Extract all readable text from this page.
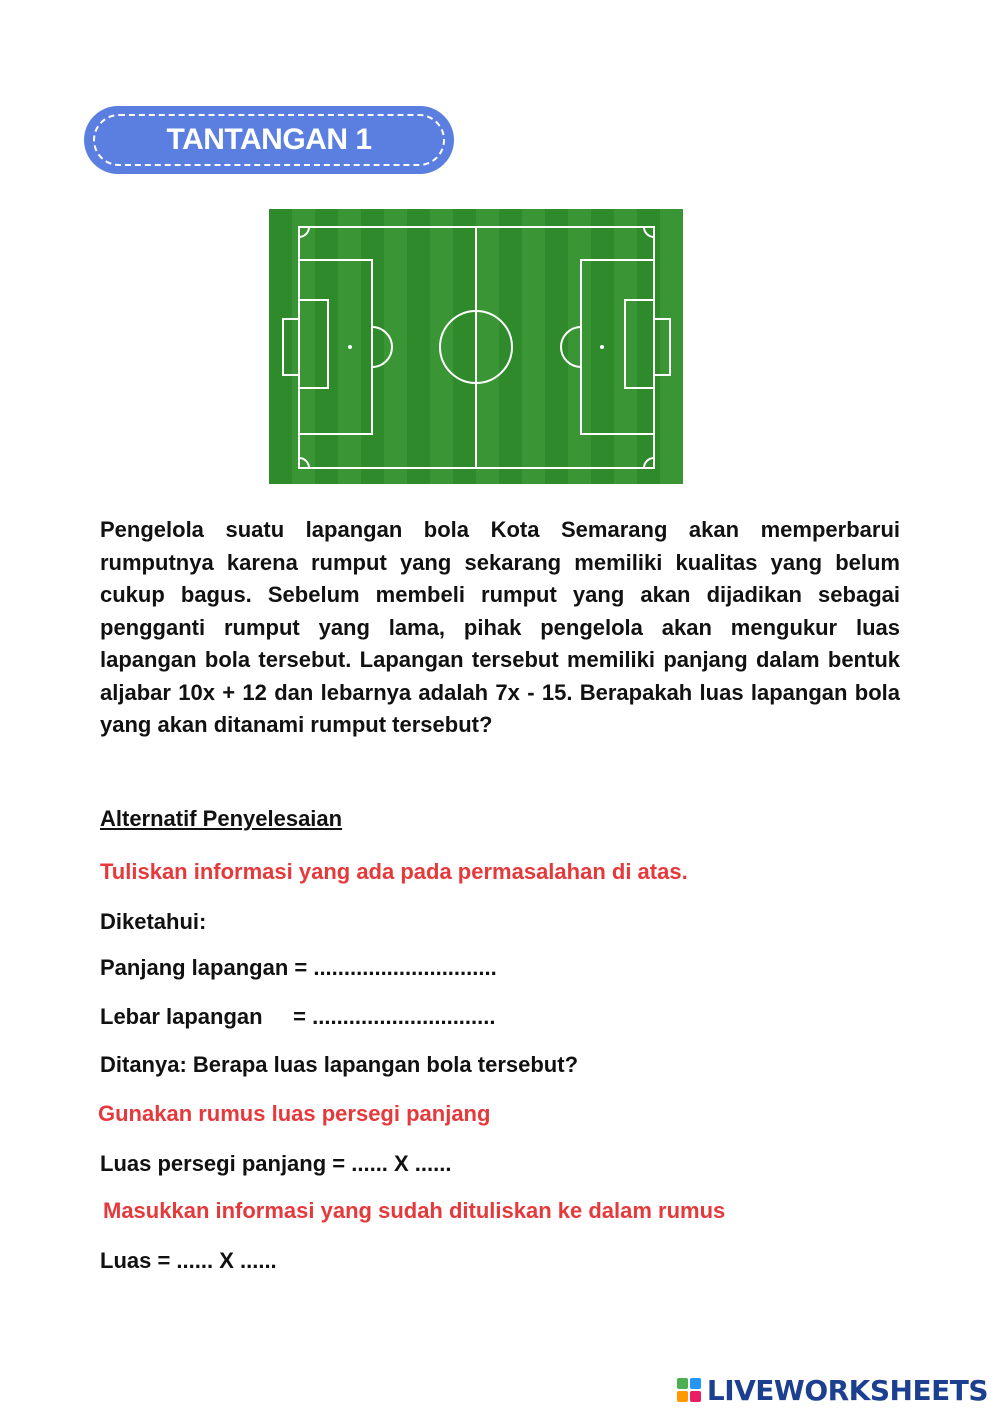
TANTANGAN 1

Pengelola suatu lapangan bola Kota Semarang akan memperbarui rumputnya karena rumput yang sekarang memiliki kualitas yang belum cukup bagus. Sebelum membeli rumput yang akan dijadikan sebagai pengganti rumput yang lama, pihak pengelola akan mengukur luas lapangan bola tersebut. Lapangan tersebut memiliki panjang dalam bentuk aljabar 10x + 12 dan lebarnya adalah 7x - 15. Berapakah luas lapangan bola yang akan ditanami rumput tersebut?

Alternatif Penyelesaian
Tuliskan informasi yang ada pada permasalahan di atas.
Diketahui:
Panjang lapangan = ..............................
Lebar lapangan     = ..............................
Ditanya: Berapa luas lapangan bola tersebut?
Gunakan rumus luas persegi panjang
Luas persegi panjang = ...... X ......
Masukkan informasi yang sudah dituliskan ke dalam rumus
Luas = ...... X ......
LIVEWORKSHEETS
